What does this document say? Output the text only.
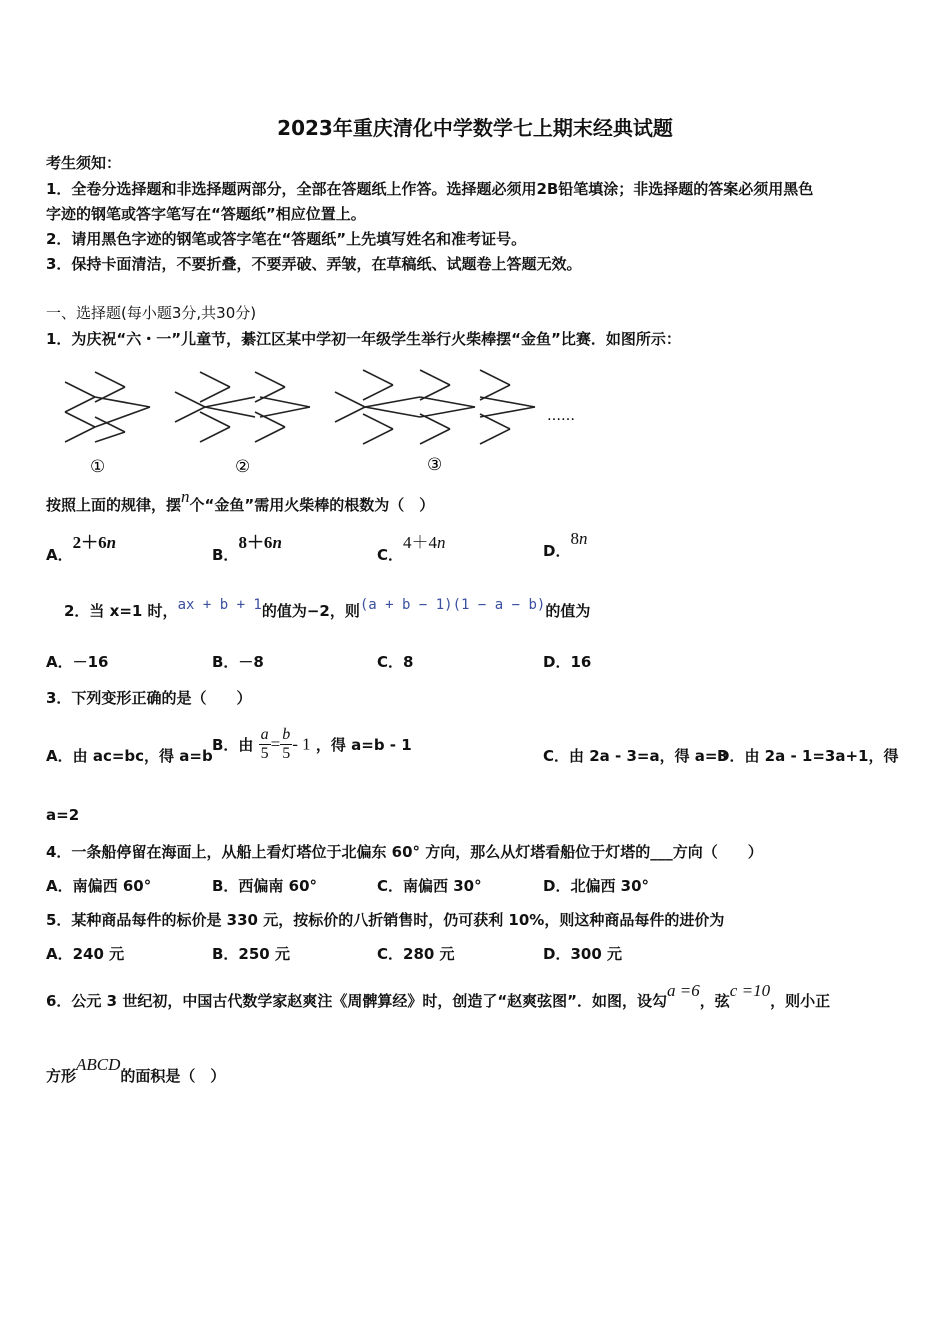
2023年重庆清化中学数学七上期末经典试题
考生须知：
1．全卷分选择题和非选择题两部分，全部在答题纸上作答。选择题必须用2B铅笔填涂；非选择题的答案必须用黑色
字迹的钢笔或答字笔写在“答题纸”相应位置上。
2．请用黑色字迹的钢笔或答字笔在“答题纸”上先填写姓名和准考证号。
3．保持卡面清洁，不要折叠，不要弄破、弄皱，在草稿纸、试题卷上答题无效。
一、选择题(每小题3分,共30分)
1．为庆祝“六・一”儿童节，綦江区某中学初一年级学生举行火柴棒摆“金鱼”比赛．如图所示：
……
①	②	③
按照上面的规律，摆n个“金鱼”需用火柴棒的根数为（　）
A．2＋6n
B．8＋6n
C．4＋4n	D．8n
2．当 x=1 时，ax + b + 1的值为−2，则(a + b − 1)(1 − a − b)的值为
A．－16	B．－8	C．8	D．16
3．下列变形正确的是（　　）
A．由 ac=bc，得 a=b
B．由 $\frac{a}{5} = \frac{b}{5} - 1$ ，得 a=b - 1
C．由 2a - 3=a，得 a=3
D．由 2a - 1=3a+1，得
a=2
4．一条船停留在海面上，从船上看灯塔位于北偏东 60° 方向，那么从灯塔看船位于灯塔的___方向（　　）
A．南偏西 60°	B．西偏南 60°	C．南偏西 30°	D．北偏西 30°
5．某种商品每件的标价是 330 元，按标价的八折销售时，仍可获利 10%，则这种商品每件的进价为
A．240 元	B．250 元	C．280 元	D．300 元
6．公元 3 世纪初，中国古代数学家赵爽注《周髀算经》时，创造了“赵爽弦图”．如图，设勾a =6，弦c =10，则小正
方形ABCD的面积是（　）
